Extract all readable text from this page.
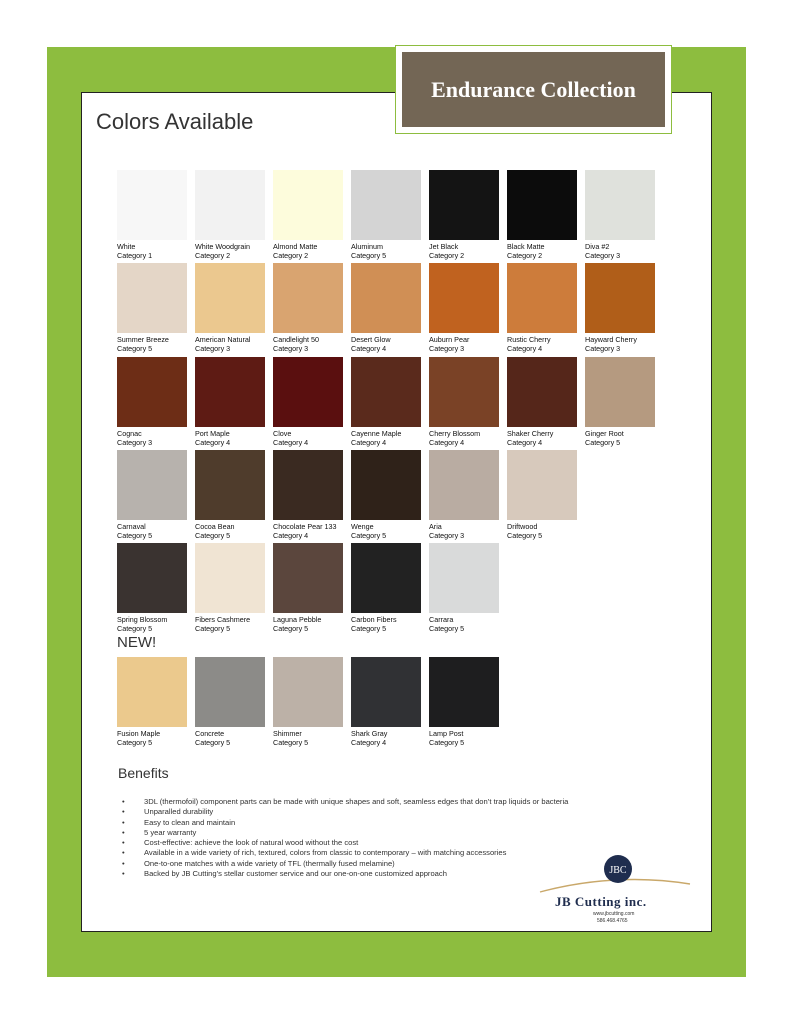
Endurance Collection
Colors Available
White
Category 1
White Woodgrain
Category 2
Almond Matte
Category 2
Aluminum
Category 5
Jet Black
Category 2
Black Matte
Category 2
Diva #2
Category 3
Summer Breeze
Category 5
American Natural
Category 3
Candlelight 50
Category 3
Desert Glow
Category 4
Auburn Pear
Category 3
Rustic Cherry
Category 4
Hayward Cherry
Category 3
Cognac
Category 3
Port Maple
Category 4
Clove
Category 4
Cayenne Maple
Category 4
Cherry Blossom
Category 4
Shaker Cherry
Category 4
Ginger Root
Category 5
Carnaval
Category 5
Cocoa Bean
Category 5
Chocolate Pear 133
Category 4
Wenge
Category 5
Aria
Category 3
Driftwood
Category 5
Spring Blossom
Category 5
Fibers Cashmere
Category 5
Laguna Pebble
Category 5
Carbon Fibers
Category 5
Carrara
Category 5
Fusion Maple
Category 5
Concrete
Category 5
Shimmer
Category 5
Shark Gray
Category 4
Lamp Post
Category 5
NEW!
Benefits
• 3DL (thermofoil) component parts can be made with unique shapes and soft, seamless edges that don’t trap liquids or bacteria
• Unparalled durability
• Easy to clean and maintain
• 5 year warranty
• Cost-effective: achieve the look of natural wood without the cost
• Available in a wide variety of rich, textured, colors from classic to contemporary – with matching accessories
• One-to-one matches with a wide variety of TFL (thermally fused melamine)
• Backed by JB Cutting’s stellar customer service and our one-on-one customized approach	JBC
JB Cutting inc.
www.jbcutting.com
586.468.4765
